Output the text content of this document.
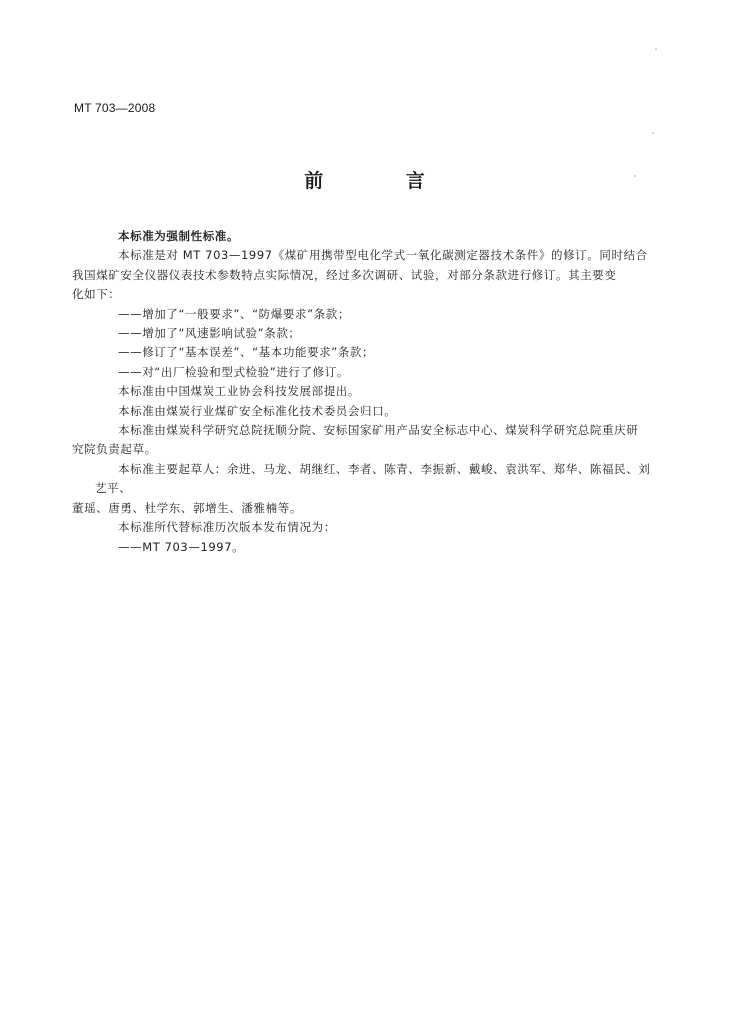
MT 703—2008
前 言

本标准为强制性标准。

本标准是对 MT 703—1997《煤矿用携带型电化学式一氧化碳测定器技术条件》的修订。同时结合

我国煤矿安全仪器仪表技术参数特点实际情况，经过多次调研、试验，对部分条款进行修订。其主要变

化如下：

——增加了“一般要求”、“防爆要求”条款；

——增加了“风速影响试验”条款；

——修订了“基本误差”、“基本功能要求”条款；

——对“出厂检验和型式检验”进行了修订。

本标准由中国煤炭工业协会科技发展部提出。

本标准由煤炭行业煤矿安全标准化技术委员会归口。

本标准由煤炭科学研究总院抚顺分院、安标国家矿用产品安全标志中心、煤炭科学研究总院重庆研

究院负责起草。

本标准主要起草人：余进、马龙、胡继红、李者、陈青、李振新、戴峻、袁洪军、郑华、陈福民、刘艺平、

董瑶、唐勇、杜学东、郭增生、潘雅楠等。

本标准所代替标准历次版本发布情况为：

——MT 703—1997。
